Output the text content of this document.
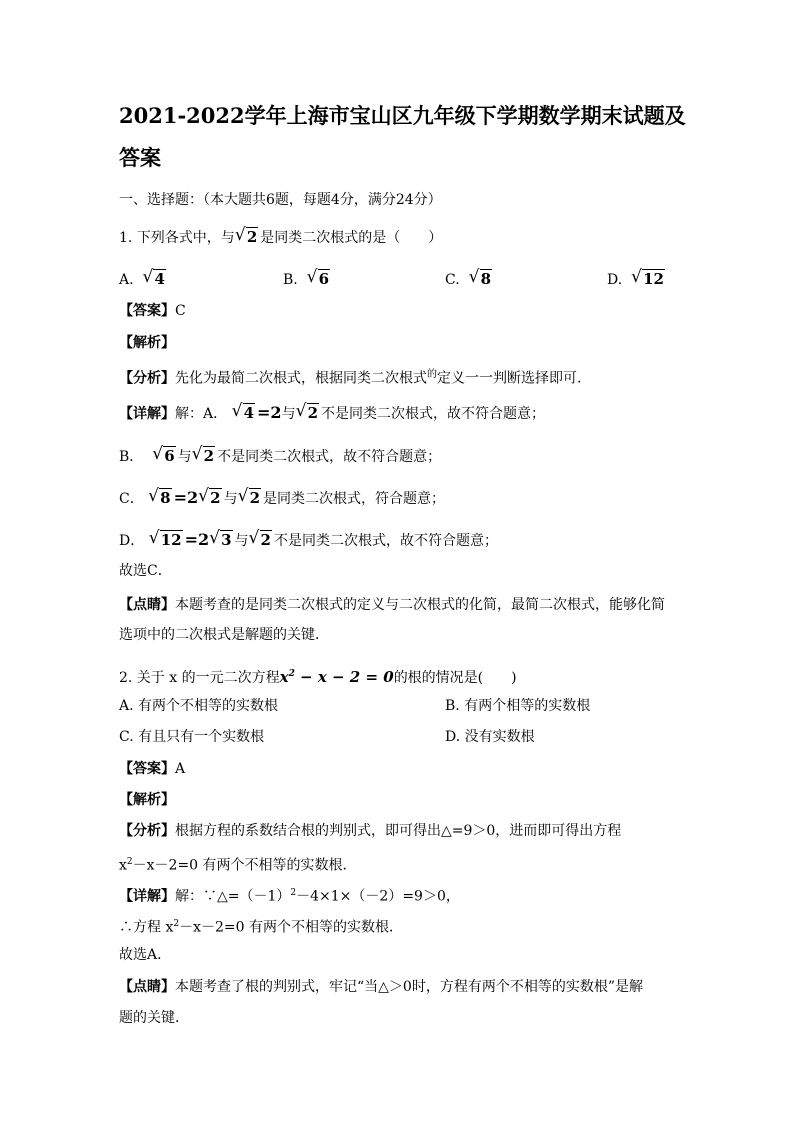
2021-2022学年上海市宝山区九年级下学期数学期末试题及
答案
一、选择题：（本大题共6题，每题4分，满分24分）
1. 下列各式中，与 √ 2 是同类二次根式的是（　　）
A. √ 4	B. √ 6	C. √ 8	D. √ 12
【答案】C
【解析】
【分析】先化为最简二次根式，根据同类二次根式$^的$定义一一判断选择即可.
【详解】解：A． √ 4 =2与 √ 2 不是同类二次根式，故不符合题意；
B． √ 6 与 √ 2 不是同类二次根式，故不符合题意；
C． √ 8 =2 √ 2 与 √ 2 是同类二次根式，符合题意；
D． √ 12 =2 √ 3 与 √ 2 不是同类二次根式，故不符合题意；
故选C．
【点睛】本题考查的是同类二次根式的定义与二次根式的化简，最简二次根式，能够化简
选项中的二次根式是解题的关键．
2. 关于 x 的一元二次方程$x^2 - x - 2 = 0$的根的情况是(　　)
A. 有两个不相等的实数根	B. 有两个相等的实数根
C. 有且只有一个实数根	D. 没有实数根
【答案】A
【解析】
【分析】根据方程的系数结合根的判别式，即可得出△=9＞0，进而即可得出方程
$x^2-x-2=0$ 有两个不相等的实数根．
【详解】解：$\because\triangle=(-1)^2-4\times 1\times(-2)=9>0$，
∴方程 $x^2-x-2=0$ 有两个不相等的实数根．
故选A．
【点睛】本题考查了根的判别式，牢记“当△＞0时，方程有两个不相等的实数根”是解
题的关键．
